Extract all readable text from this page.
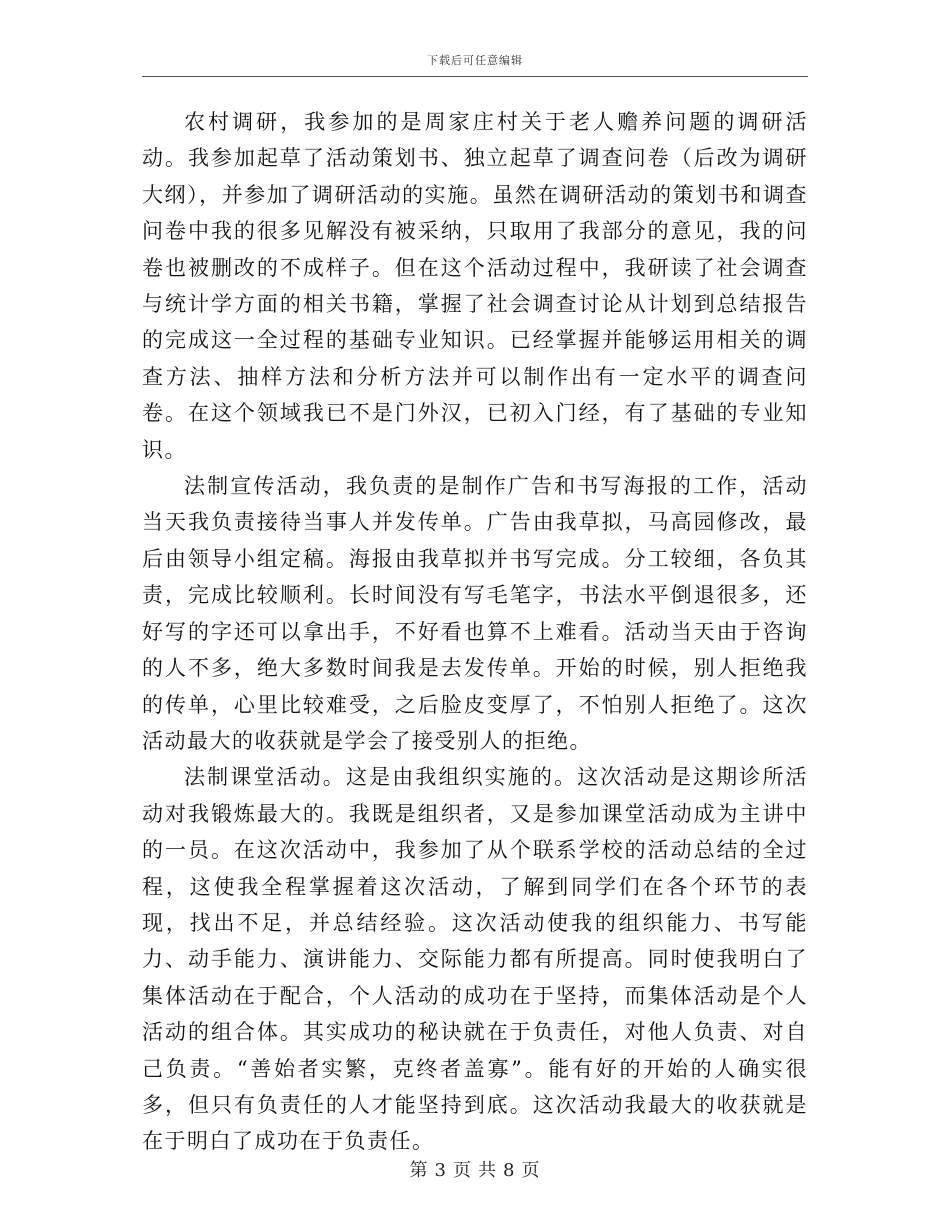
下载后可任意编辑

农村调研，我参加的是周家庄村关于老人赡养问题的调研活动。我参加起草了活动策划书、独立起草了调查问卷（后改为调研大纲），并参加了调研活动的实施。虽然在调研活动的策划书和调查问卷中我的很多见解没有被采纳，只取用了我部分的意见，我的问卷也被删改的不成样子。但在这个活动过程中，我研读了社会调查与统计学方面的相关书籍，掌握了社会调查讨论从计划到总结报告的完成这一全过程的基础专业知识。已经掌握并能够运用相关的调查方法、抽样方法和分析方法并可以制作出有一定水平的调查问卷。在这个领域我已不是门外汉，已初入门经，有了基础的专业知识。

法制宣传活动，我负责的是制作广告和书写海报的工作，活动当天我负责接待当事人并发传单。广告由我草拟，马高园修改，最后由领导小组定稿。海报由我草拟并书写完成。分工较细，各负其责，完成比较顺利。长时间没有写毛笔字，书法水平倒退很多，还好写的字还可以拿出手，不好看也算不上难看。活动当天由于咨询的人不多，绝大多数时间我是去发传单。开始的时候，别人拒绝我的传单，心里比较难受，之后脸皮变厚了，不怕别人拒绝了。这次活动最大的收获就是学会了接受别人的拒绝。

法制课堂活动。这是由我组织实施的。这次活动是这期诊所活动对我锻炼最大的。我既是组织者，又是参加课堂活动成为主讲中的一员。在这次活动中，我参加了从个联系学校的活动总结的全过程，这使我全程掌握着这次活动，了解到同学们在各个环节的表现，找出不足，并总结经验。这次活动使我的组织能力、书写能力、动手能力、演讲能力、交际能力都有所提高。同时使我明白了集体活动在于配合，个人活动的成功在于坚持，而集体活动是个人活动的组合体。其实成功的秘诀就在于负责任，对他人负责、对自己负责。“善始者实繁，克终者盖寡”。能有好的开始的人确实很多，但只有负责任的人才能坚持到底。这次活动我最大的收获就是在于明白了成功在于负责任。

第 3 页 共 8 页
